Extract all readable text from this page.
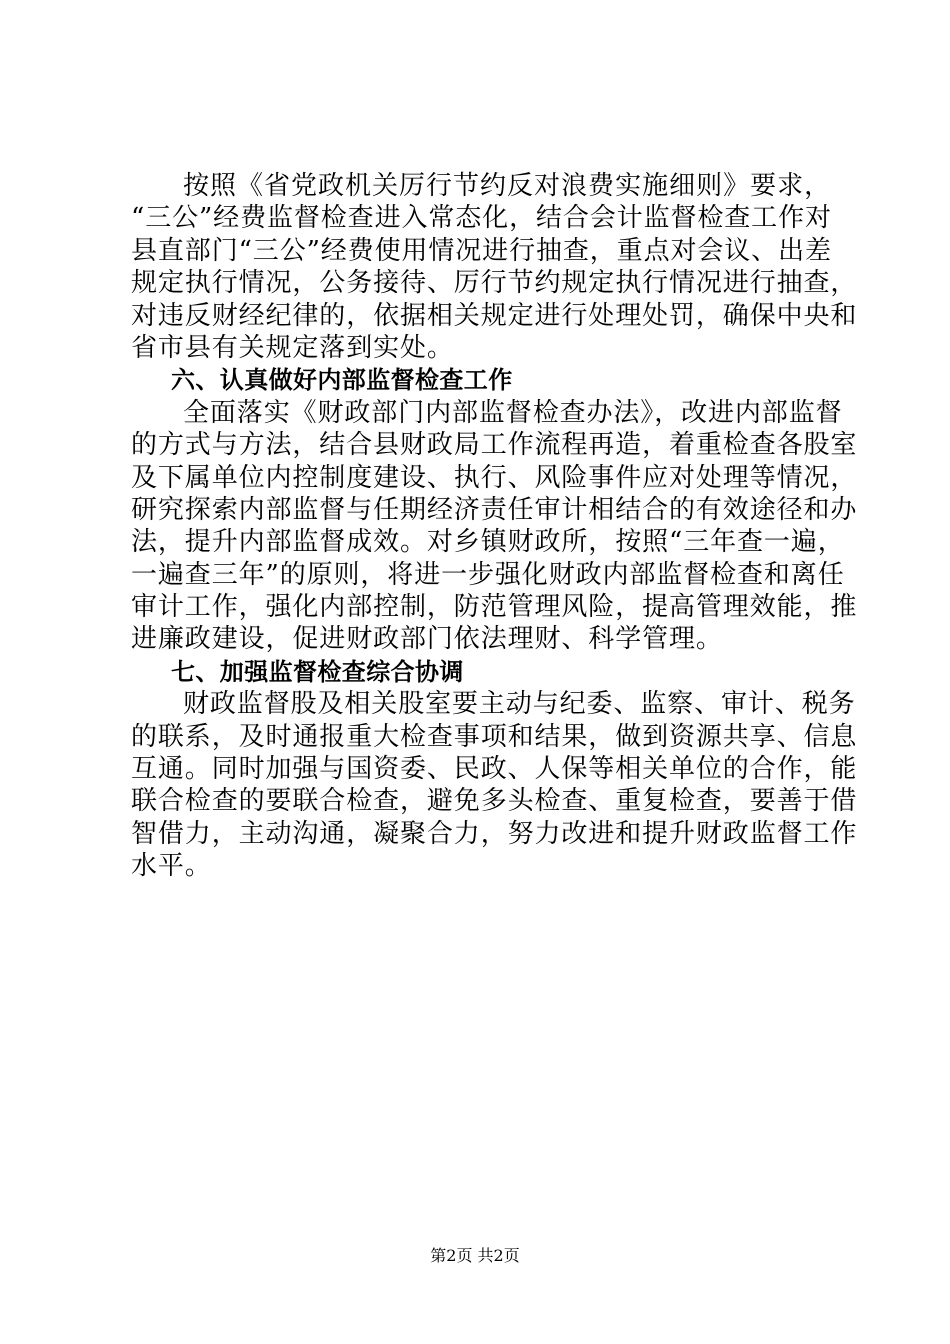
按照《省党政机关厉行节约反对浪费实施细则》要求，
“三公”经费监督检查进入常态化，结合会计监督检查工作对
县直部门“三公”经费使用情况进行抽查，重点对会议、出差
规定执行情况，公务接待、厉行节约规定执行情况进行抽查，
对违反财经纪律的，依据相关规定进行处理处罚，确保中央和
省市县有关规定落到实处。
六、认真做好内部监督检查工作
全面落实《财政部门内部监督检查办法》，改进内部监督
的方式与方法，结合县财政局工作流程再造，着重检查各股室
及下属单位内控制度建设、执行、风险事件应对处理等情况，
研究探索内部监督与任期经济责任审计相结合的有效途径和办
法，提升内部监督成效。对乡镇财政所，按照“三年查一遍，
一遍查三年”的原则，将进一步强化财政内部监督检查和离任
审计工作，强化内部控制，防范管理风险，提高管理效能，推
进廉政建设，促进财政部门依法理财、科学管理。
七、加强监督检查综合协调
财政监督股及相关股室要主动与纪委、监察、审计、税务
的联系，及时通报重大检查事项和结果，做到资源共享、信息
互通。同时加强与国资委、民政、人保等相关单位的合作，能
联合检查的要联合检查，避免多头检查、重复检查，要善于借
智借力，主动沟通，凝聚合力，努力改进和提升财政监督工作
水平。
第2页 共2页
